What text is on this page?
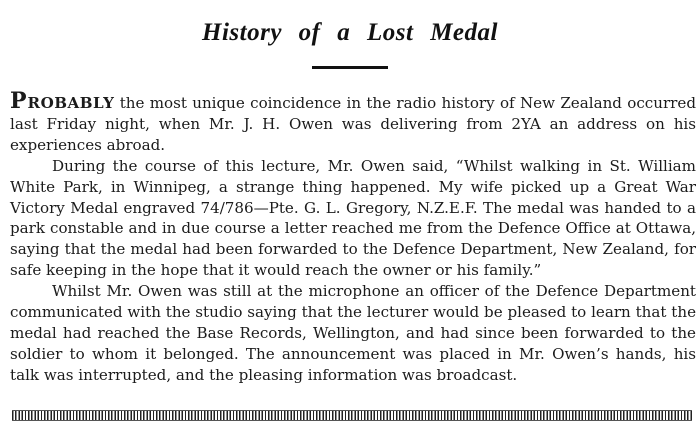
History of a Lost Medal

PROBABLY the most unique coincidence in the radio history of New Zealand occurred last Friday night, when Mr. J. H. Owen was delivering from 2YA an address on his experiences abroad.

During the course of this lecture, Mr. Owen said, “Whilst walking in St. William White Park, in Winnipeg, a strange thing happened. My wife picked up a Great War Victory Medal engraved 74/786—Pte. G. L. Gregory, N.Z.E.F. The medal was handed to a park constable and in due course a letter reached me from the Defence Office at Ottawa, saying that the medal had been forwarded to the Defence Department, New Zealand, for safe keeping in the hope that it would reach the owner or his family.”

Whilst Mr. Owen was still at the microphone an officer of the Defence Department communicated with the studio saying that the lecturer would be pleased to learn that the medal had reached the Base Records, Wellington, and had since been forwarded to the soldier to whom it belonged. The announcement was placed in Mr. Owen’s hands, his talk was interrupted, and the pleasing information was broadcast.
